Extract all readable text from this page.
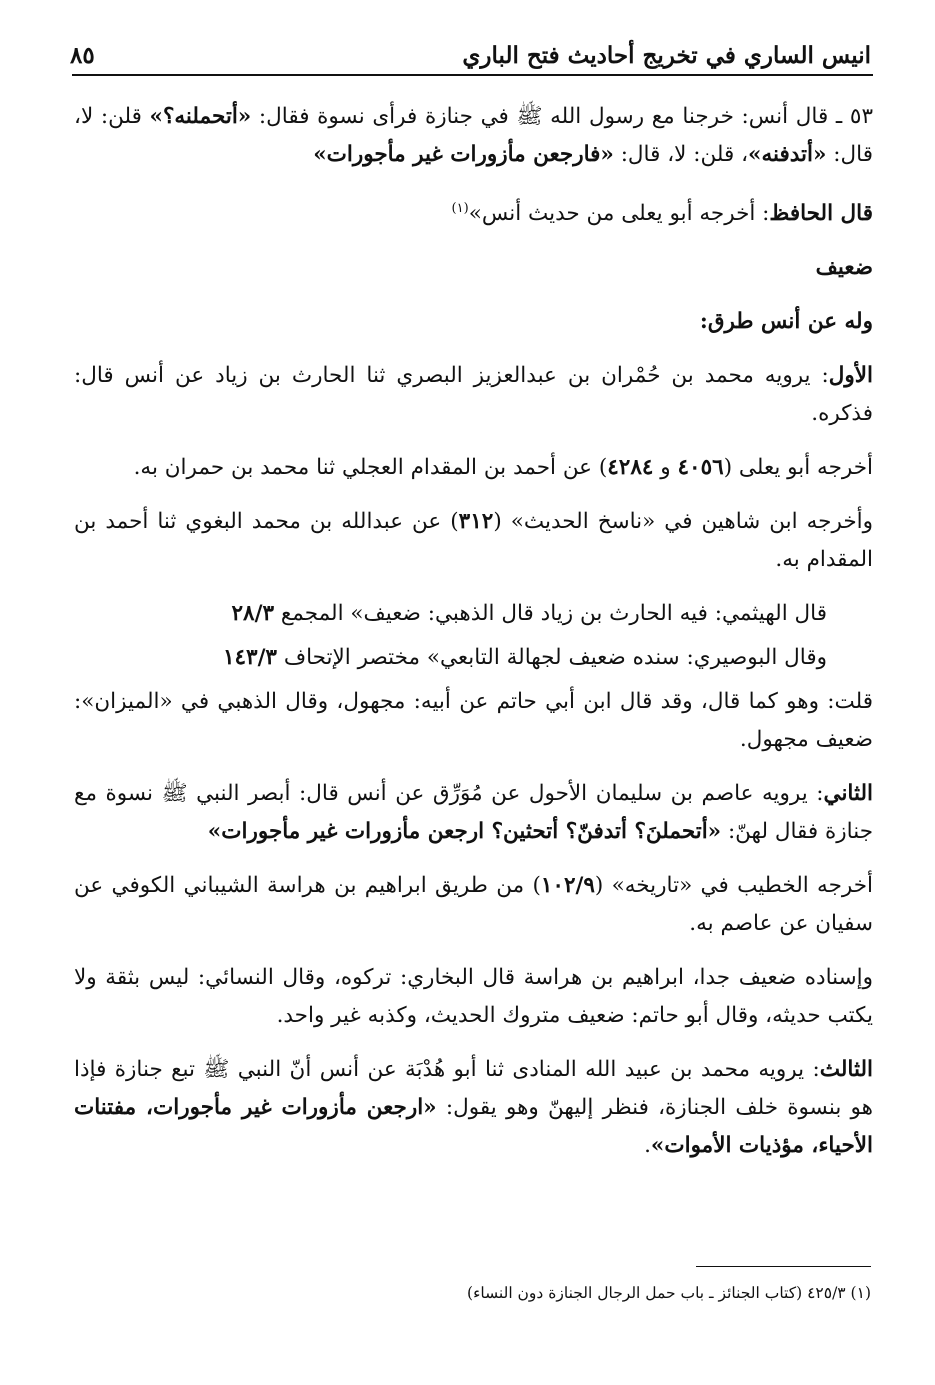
انيس الساري في تخريج أحاديث فتح الباري
٨٥
٥٣ ـ قال أنس: خرجنا مع رسول الله ﷺ في جنازة فرأى نسوة فقال: «أتحملنه؟» قلن: لا، قال: «أتدفنه»، قلن: لا، قال: «فارجعن مأزورات غير مأجورات»
قال الحافظ: أخرجه أبو يعلى من حديث أنس»$^{(١)}$
ضعيف
وله عن أنس طرق:
الأول: يرويه محمد بن حُمْران بن عبدالعزيز البصري ثنا الحارث بن زياد عن أنس قال: فذكره.
أخرجه أبو يعلى (٤٠٥٦ و ٤٢٨٤) عن أحمد بن المقدام العجلي ثنا محمد بن حمران به.
وأخرجه ابن شاهين في «ناسخ الحديث» (٣١٢) عن عبدالله بن محمد البغوي ثنا أحمد بن المقدام به.
قال الهيثمي: فيه الحارث بن زياد قال الذهبي: ضعيف» المجمع ٢٨/٣
وقال البوصيري: سنده ضعيف لجهالة التابعي» مختصر الإتحاف ١٤٣/٣
قلت: وهو كما قال، وقد قال ابن أبي حاتم عن أبيه: مجهول، وقال الذهبي في «الميزان»: ضعيف مجهول.
الثاني: يرويه عاصم بن سليمان الأحول عن مُوَرِّق عن أنس قال: أبصر النبي ﷺ نسوة مع جنازة فقال لهنّ: «أتحملنَ؟ أتدفنّ؟ أتحثين؟ ارجعن مأزورات غير مأجورات»
أخرجه الخطيب في «تاريخه» (١٠٢/٩) من طريق ابراهيم بن هراسة الشيباني الكوفي عن سفيان عن عاصم به.
وإسناده ضعيف جدا، ابراهيم بن هراسة قال البخاري: تركوه، وقال النسائي: ليس بثقة ولا يكتب حديثه، وقال أبو حاتم: ضعيف متروك الحديث، وكذبه غير واحد.
الثالث: يرويه محمد بن عبيد الله المنادى ثنا أبو هُدْبَة عن أنس أنّ النبي ﷺ تبع جنازة فإذا هو بنسوة خلف الجنازة، فنظر إليهنّ وهو يقول: «ارجعن مأزورات غير مأجورات، مفتنات الأحياء، مؤذيات الأموات».
(١) ٤٢٥/٣ (كتاب الجنائز ـ باب حمل الرجال الجنازة دون النساء)
